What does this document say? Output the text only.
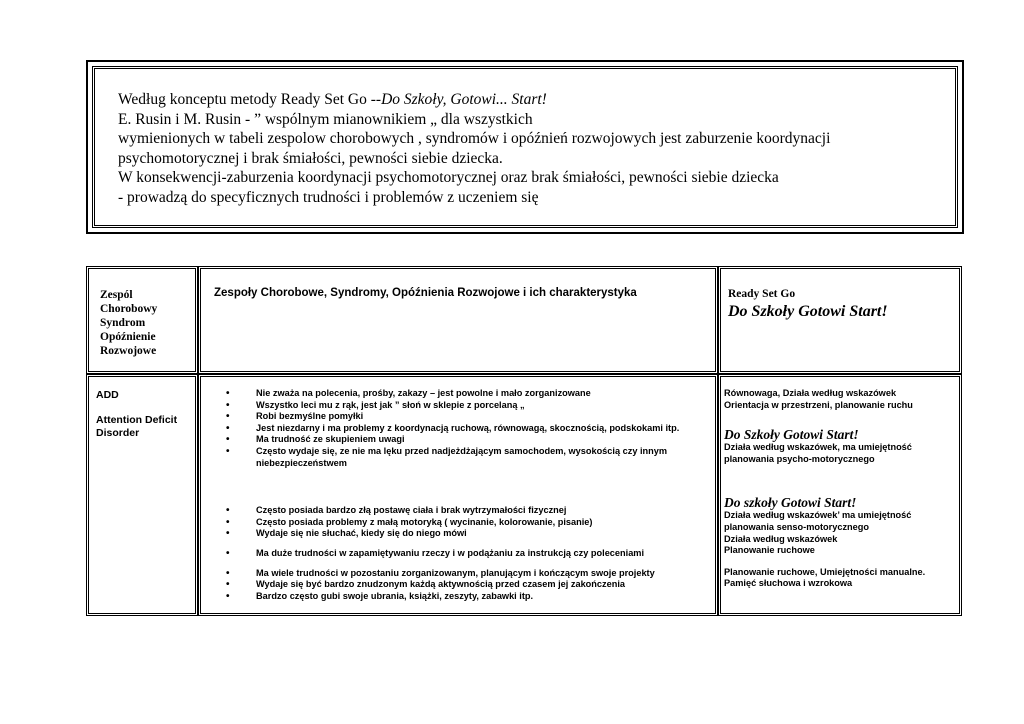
Według konceptu metody Ready Set Go --Do Szkoły, Gotowi... Start!
E. Rusin i M. Rusin - ” wspólnym mianownikiem „ dla wszystkich
wymienionych w tabeli zespolow chorobowych , syndromów i opóźnień rozwojowych jest zaburzenie koordynacji
psychomotorycznej i brak śmiałości, pewności siebie dziecka.
W konsekwencji-zaburzenia koordynacji psychomotorycznej oraz brak śmiałości, pewności siebie dziecka
- prowadzą do specyficznych trudności i problemów z uczeniem się
Zespól
Chorobowy
Syndrom
Opóźnienie
Rozwojowe
Zespoły Chorobowe, Syndromy, Opóźnienia Rozwojowe i ich charakterystyka	Ready Set Go
Do Szkoły Gotowi Start!
ADD
Attention Deficit
Disorder
• Nie zważa na polecenia, prośby, zakazy – jest powolne i mało zorganizowane
• Wszystko leci mu z rąk, jest jak ” słoń w sklepie z porcelaną „
• Robi bezmyślne pomyłki
• Jest niezdarny i ma problemy z koordynacją ruchową, równowagą, skocznością, podskokami itp.
• Ma trudność ze skupieniem uwagi
• Często wydaje się, ze nie ma lęku przed nadjeżdżającym samochodem, wysokością czy innym niebezpieczeństwem
• Często posiada bardzo złą postawę ciała i brak wytrzymałości fizycznej
• Często posiada problemy z małą motoryką ( wycinanie, kolorowanie, pisanie)
• Wydaje się nie słuchać, kiedy się do niego mówi
• Ma duże trudności w zapamiętywaniu rzeczy i w podążaniu za instrukcją czy poleceniami
• Ma wiele trudności w pozostaniu zorganizowanym, planującym i kończącym swoje projekty
• Wydaje się być bardzo znudzonym każdą aktywnością przed czasem jej zakończenia
• Bardzo często gubi swoje ubrania, książki, zeszyty, zabawki itp.
Równowaga, Działa według wskazówek
Orientacja w przestrzeni, planowanie ruchu
Do Szkoły Gotowi Start!
Działa według wskazówek, ma umiejętność
planowania psycho-motorycznego
Do szkoły Gotowi Start!
Działa według wskazówek’ ma umiejętność
planowania senso-motorycznego
Działa według wskazówek
Planowanie ruchowe
Planowanie ruchowe, Umiejętności manualne.
Pamięć słuchowa i wzrokowa
